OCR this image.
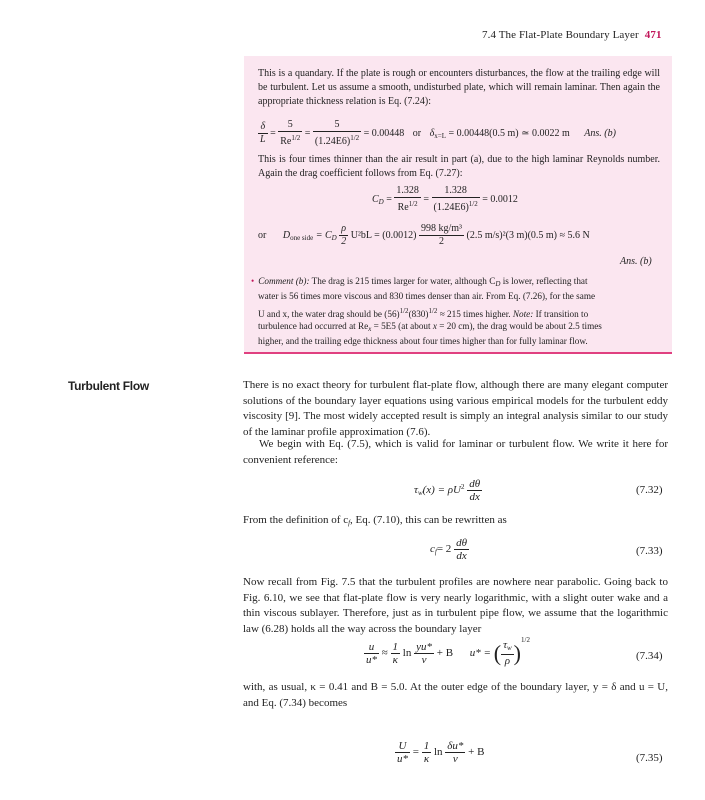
7.4 The Flat-Plate Boundary Layer 471

This is a quandary. If the plate is rough or encounters disturbances, the flow at the trailing edge will be turbulent. Let us assume a smooth, undisturbed plate, which will remain laminar. Then again the appropriate thickness relation is Eq. (7.24):

$\frac{\delta}{L} = \frac{5}{Re^{1/2}} = \frac{5}{(1.24E6)^{1/2}} = 0.00448$ or $\delta_{x=L} = 0.00448(0.5$ m) ≃ 0.0022 m Ans. (b)

This is four times thinner than the air result in part (a), due to the high laminar Reynolds number. Again the drag coefficient follows from Eq. (7.27):

$C_D = \frac{1.328}{Re^{1/2}} = \frac{1.328}{(1.24E6)^{1/2}} = 0.0012$
or $D_{one side} = C_D \frac{\rho}{2} U^2bL = (0.0012) \frac{\text{998 kg/m³}}{2} (2.5$ m/s)²(3 m)(0.5 m) ≈ 5.6 N
Ans. (b)
• Comment (b): The drag is 215 times larger for water, although $C_D$ is lower, reflecting that
water is 56 times more viscous and 830 times denser than air. From Eq. (7.26), for the same
U and x, the water drag should be $(56)^{1/2}(830)^{1/2} \approx 215$ times higher. Note: If transition to
turbulence had occurred at $Re_x = 5E5$ (at about x = 20 cm), the drag would be about 2.5 times
higher, and the trailing edge thickness about four times higher than for fully laminar flow.
Turbulent Flow	There is no exact theory for turbulent flat-plate flow, although there are many elegant computer solutions of the boundary layer equations using various empirical models for the turbulent eddy viscosity [9]. The most widely accepted result is simply an integral analysis similar to our study of the laminar profile approximation (7.6).

We begin with Eq. (7.5), which is valid for laminar or turbulent flow. We write it here for convenient reference:

$\tau_w(x) = \rho U^2 \frac{d\theta}{dx}$	(7.32)
From the definition of $c_f$, Eq. (7.10), this can be rewritten as
$c_f= 2 \frac{d\theta}{dx}$	(7.33)

Now recall from Fig. 7.5 that the turbulent profiles are nowhere near parabolic. Going back to Fig. 6.10, we see that flat-plate flow is very nearly logarithmic, with a slight outer wake and a thin viscous sublayer. Therefore, just as in turbulent pipe flow, we assume that the logarithmic law (6.28) holds all the way across the boundary layer

$\frac{u}{u*} \approx \frac{1}{\kappa}$ $\ln \frac{yu*}{\nu} + B$ u* = ( $\frac{\tau_w}{\rho} )^{1/2}$
(7.34)

with, as usual, κ = 0.41 and B = 5.0. At the outer edge of the boundary layer, y = δ and u = U, and Eq. (7.34) becomes

$\frac{U}{u*} = \frac{1}{\kappa}$ $\ln \frac{\delta u*}{\nu} + B$	(7.35)
